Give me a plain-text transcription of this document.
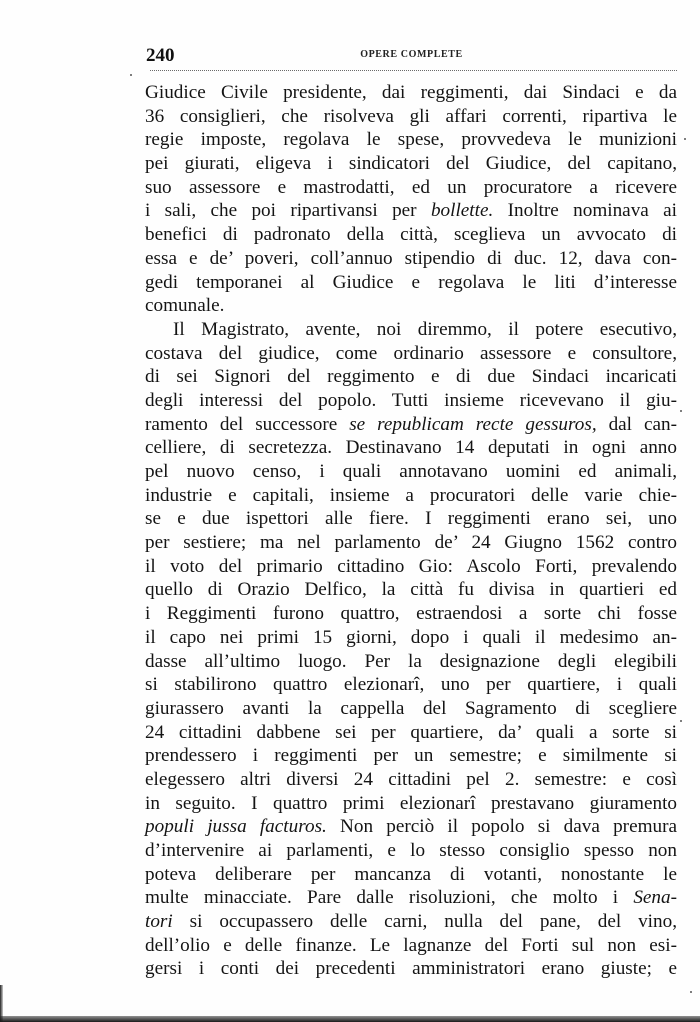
240	OPERE COMPLETE
Giudice Civile presidente, dai reggimenti, dai Sindaci e da
36 consiglieri, che risolveva gli affari correnti, ripartiva le
regie imposte, regolava le spese, provvedeva le munizioni
pei giurati, eligeva i sindicatori del Giudice, del capitano,
suo assessore e mastrodatti, ed un procuratore a ricevere
i sali, che poi ripartivansi per bollette. Inoltre nominava ai
benefici di padronato della città, sceglieva un avvocato di
essa e de’ poveri, coll’annuo stipendio di duc. 12, dava con-
gedi temporanei al Giudice e regolava le liti d’interesse
comunale.
Il Magistrato, avente, noi diremmo, il potere esecutivo,
costava del giudice, come ordinario assessore e consultore,
di sei Signori del reggimento e di due Sindaci incaricati
degli interessi del popolo. Tutti insieme ricevevano il giu-
ramento del successore se republicam recte gessuros, dal can-
celliere, di secretezza. Destinavano 14 deputati in ogni anno
pel nuovo censo, i quali annotavano uomini ed animali,
industrie e capitali, insieme a procuratori delle varie chie-
se e due ispettori alle fiere. I reggimenti erano sei, uno
per sestiere; ma nel parlamento de’ 24 Giugno 1562 contro
il voto del primario cittadino Gio: Ascolo Forti, prevalendo
quello di Orazio Delfico, la città fu divisa in quartieri ed
i Reggimenti furono quattro, estraendosi a sorte chi fosse
il capo nei primi 15 giorni, dopo i quali il medesimo an-
dasse all’ultimo luogo. Per la designazione degli elegibili
si stabilirono quattro elezionarî, uno per quartiere, i quali
giurassero avanti la cappella del Sagramento di scegliere
24 cittadini dabbene sei per quartiere, da’ quali a sorte si
prendessero i reggimenti per un semestre; e similmente si
elegessero altri diversi 24 cittadini pel 2. semestre: e così
in seguito. I quattro primi elezionarî prestavano giuramento
populi jussa facturos. Non perciò il popolo si dava premura
d’intervenire ai parlamenti, e lo stesso consiglio spesso non
poteva deliberare per mancanza di votanti, nonostante le
multe minacciate. Pare dalle risoluzioni, che molto i Sena-
tori si occupassero delle carni, nulla del pane, del vino,
dell’olio e delle finanze. Le lagnanze del Forti sul non esi-
gersi i conti dei precedenti amministratori erano giuste; e
